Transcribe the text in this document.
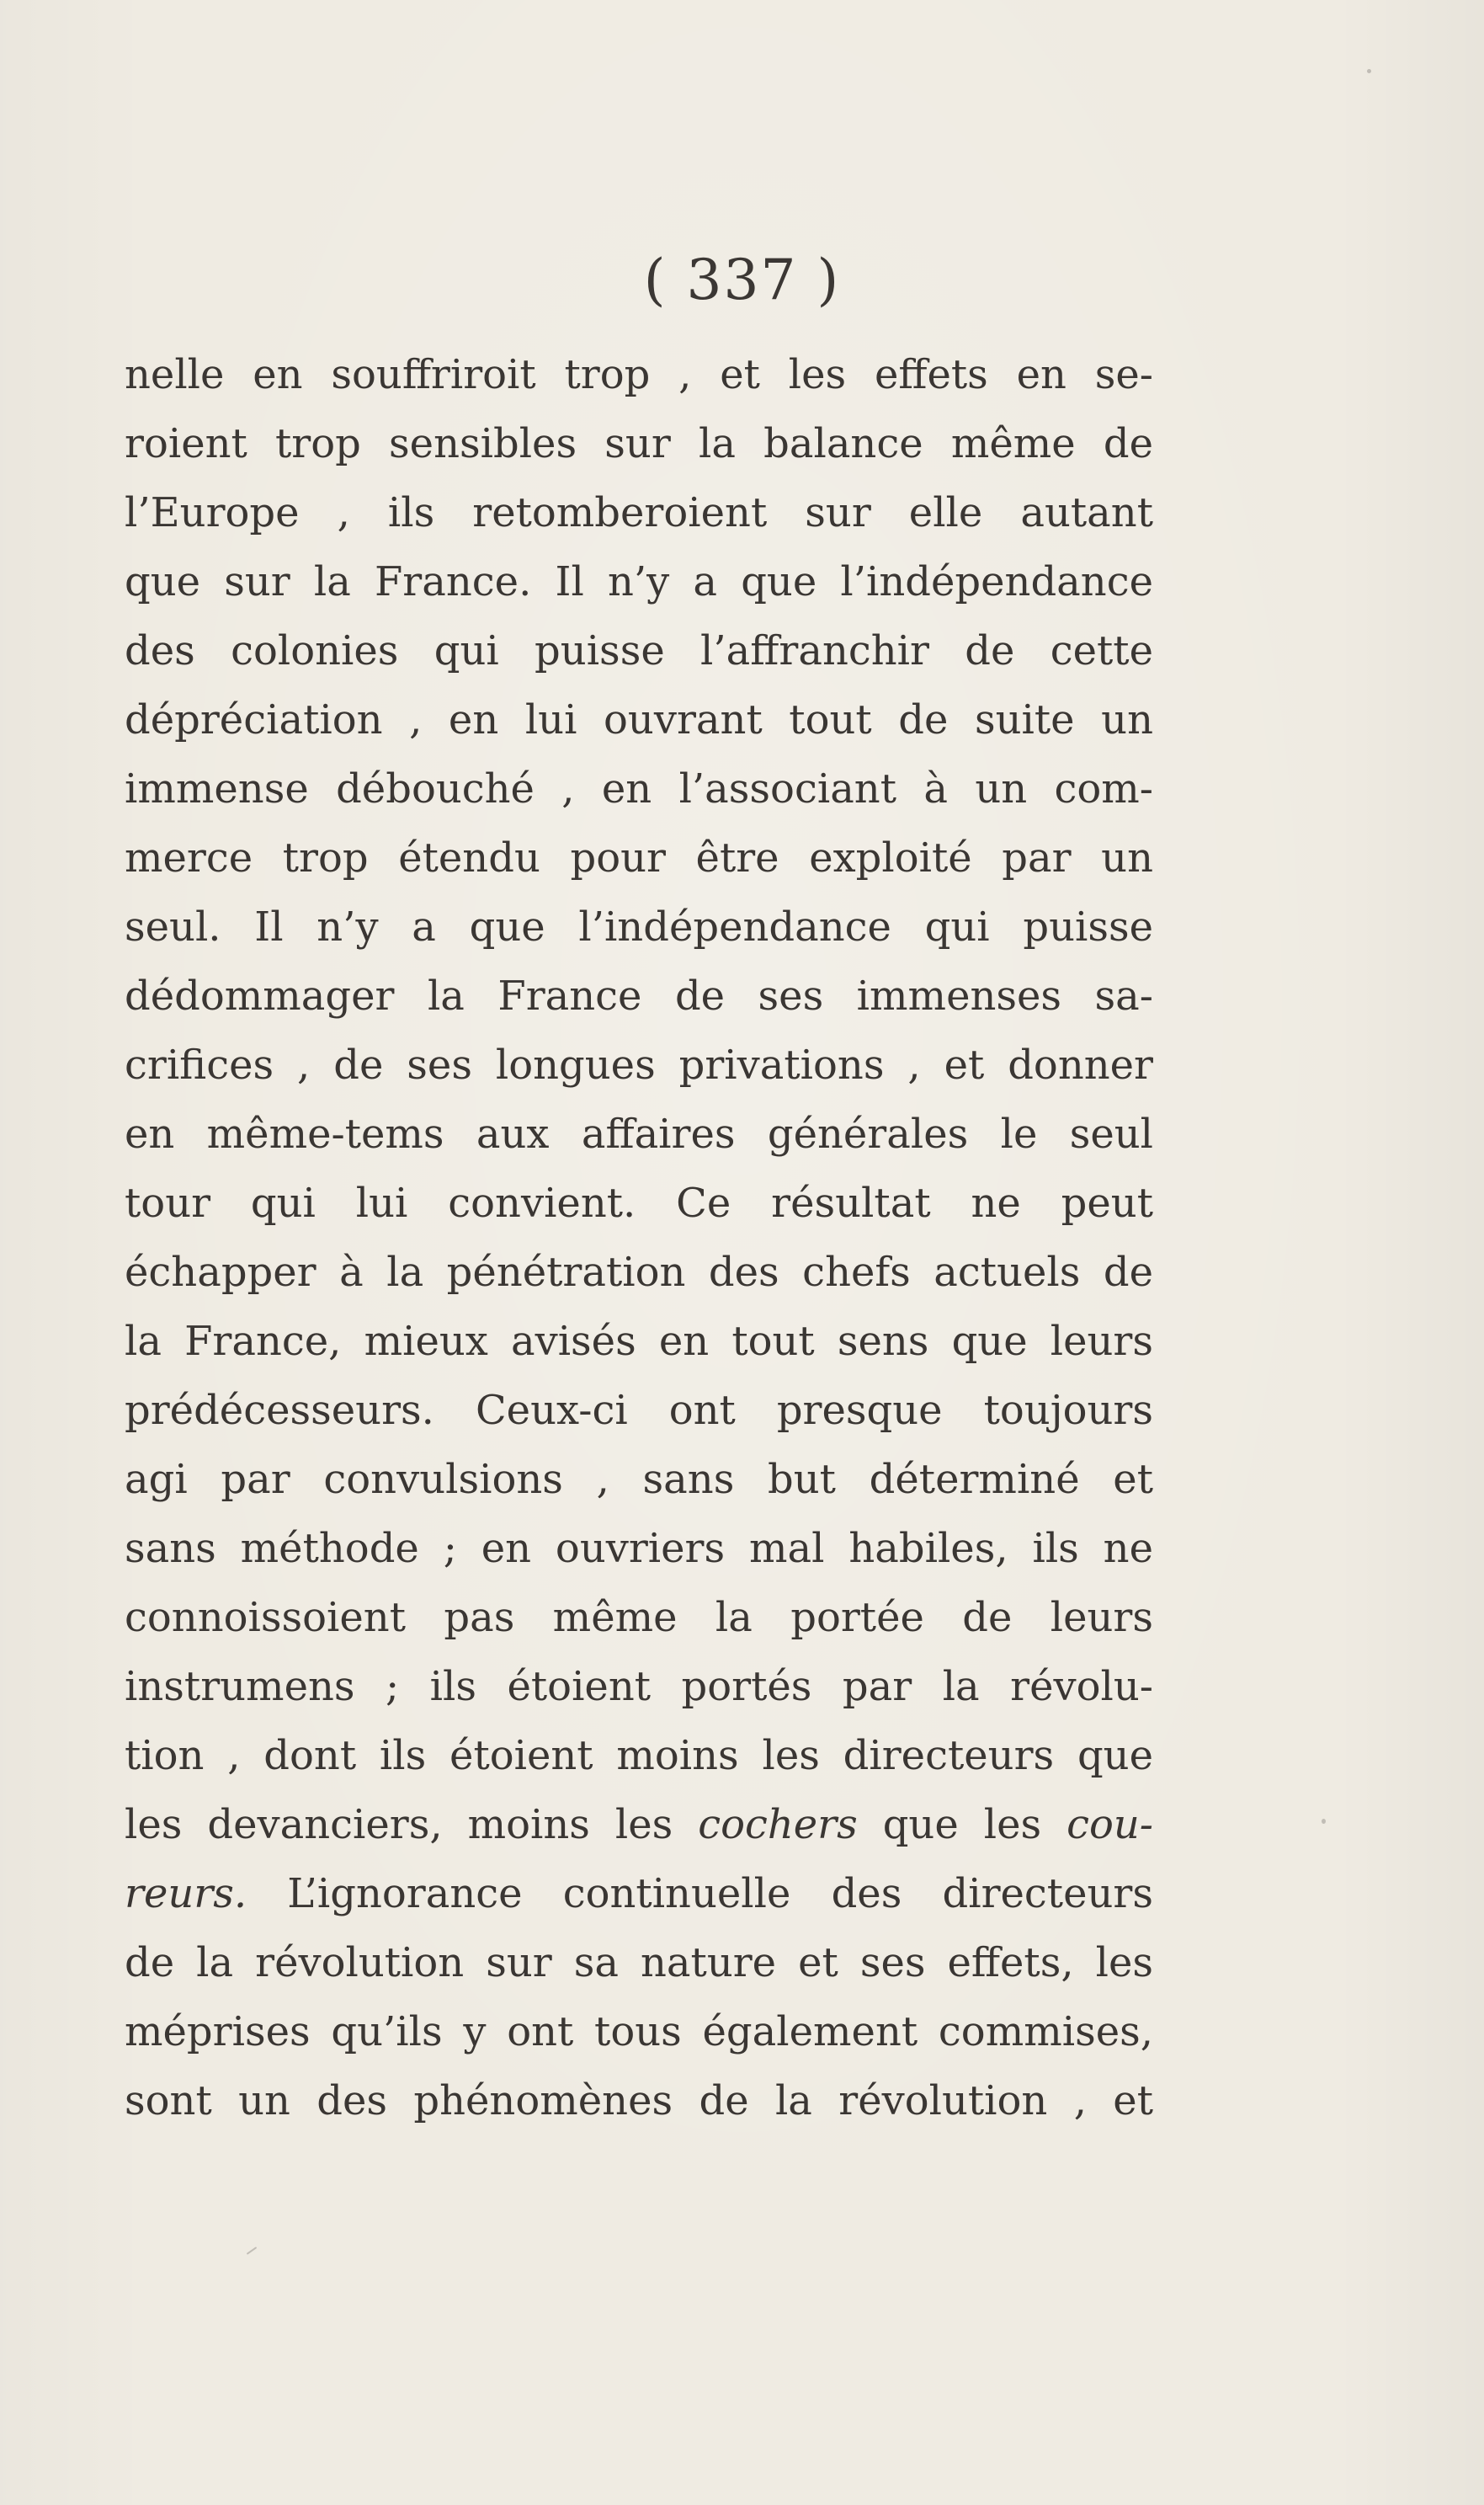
( 337 )
nelle en souffriroit trop , et les effets en se-
roient trop sensibles sur la balance même de
l’Europe , ils retomberoient sur elle autant
que sur la France. Il n’y a que l’indépendance
des colonies qui puisse l’affranchir de cette
dépréciation , en lui ouvrant tout de suite un
immense débouché , en l’associant à un com-
merce trop étendu pour être exploité par un
seul. Il n’y a que l’indépendance qui puisse
dédommager la France de ses immenses sa-
crifices , de ses longues privations , et donner
en même-tems aux affaires générales le seul
tour qui lui convient. Ce résultat ne peut
échapper à la pénétration des chefs actuels de
la France, mieux avisés en tout sens que leurs
prédécesseurs. Ceux-ci ont presque toujours
agi par convulsions , sans but déterminé et
sans méthode ; en ouvriers mal habiles, ils ne
connoissoient pas même la portée de leurs
instrumens ; ils étoient portés par la révolu-
tion , dont ils étoient moins les directeurs que
les devanciers, moins les cochers que les cou-
reurs. L’ignorance continuelle des directeurs
de la révolution sur sa nature et ses effets, les
méprises qu’ils y ont tous également commises,
sont un des phénomènes de la révolution , et
